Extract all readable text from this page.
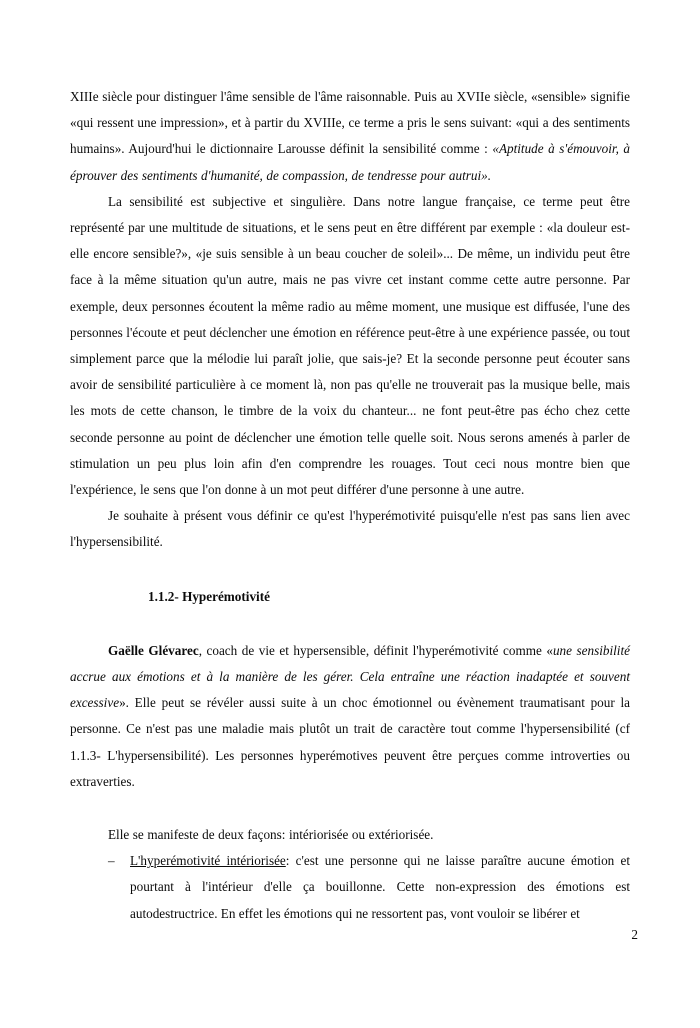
XIIIe siècle pour distinguer l'âme sensible de l'âme raisonnable. Puis au XVIIe siècle, «sensible» signifie «qui ressent une impression», et à partir du XVIIIe, ce terme a pris le sens suivant: «qui a des sentiments humains». Aujourd'hui le dictionnaire Larousse définit la sensibilité comme : «Aptitude à s'émouvoir, à éprouver des sentiments d'humanité, de compassion, de tendresse pour autrui».

La sensibilité est subjective et singulière. Dans notre langue française, ce terme peut être représenté par une multitude de situations, et le sens peut en être différent par exemple : «la douleur est-elle encore sensible?», «je suis sensible à un beau coucher de soleil»... De même, un individu peut être face à la même situation qu'un autre, mais ne pas vivre cet instant comme cette autre personne. Par exemple, deux personnes écoutent la même radio au même moment, une musique est diffusée, l'une des personnes l'écoute et peut déclencher une émotion en référence peut-être à une expérience passée, ou tout simplement parce que la mélodie lui paraît jolie, que sais-je? Et la seconde personne peut écouter sans avoir de sensibilité particulière à ce moment là, non pas qu'elle ne trouverait pas la musique belle, mais les mots de cette chanson, le timbre de la voix du chanteur... ne font peut-être pas écho chez cette seconde personne au point de déclencher une émotion telle quelle soit. Nous serons amenés à parler de stimulation un peu plus loin afin d'en comprendre les rouages. Tout ceci nous montre bien que l'expérience, le sens que l'on donne à un mot peut différer d'une personne à une autre.

Je souhaite à présent vous définir ce qu'est l'hyperémotivité puisqu'elle n'est pas sans lien avec l'hypersensibilité.

1.1.2- Hyperémotivité

Gaëlle Glévarec, coach de vie et hypersensible, définit l'hyperémotivité comme «une sensibilité accrue aux émotions et à la manière de les gérer. Cela entraîne une réaction inadaptée et souvent excessive». Elle peut se révéler aussi suite à un choc émotionnel ou évènement traumatisant pour la personne. Ce n'est pas une maladie mais plutôt un trait de caractère tout comme l'hypersensibilité (cf 1.1.3- L'hypersensibilité). Les personnes hyperémotives peuvent être perçues comme introverties ou extraverties.

Elle se manifeste de deux façons: intériorisée ou extériorisée.

– L'hyperémotivité intériorisée: c'est une personne qui ne laisse paraître aucune émotion et pourtant à l'intérieur d'elle ça bouillonne. Cette non-expression des émotions est autodestructrice. En effet les émotions qui ne ressortent pas, vont vouloir se libérer et
2
